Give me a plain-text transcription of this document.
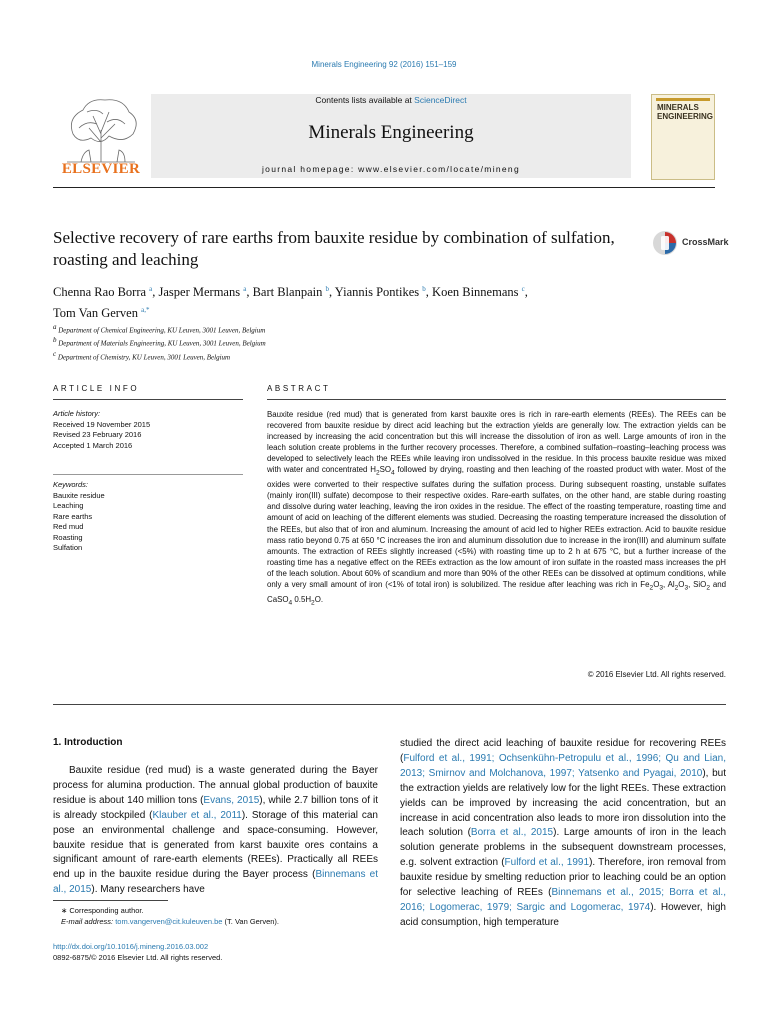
Minerals Engineering 92 (2016) 151–159
ELSEVIER
Contents lists available at ScienceDirect
Minerals Engineering
journal homepage: www.elsevier.com/locate/mineng
MINERALS ENGINEERING
Selective recovery of rare earths from bauxite residue by combination of sulfation, roasting and leaching
CrossMark
Chenna Rao Borra $^a$, Jasper Mermans $^a$, Bart Blanpain $^b$, Yiannis Pontikes $^b$, Koen Binnemans $^c$,
Tom Van Gerven $^{a,*}$
$^a$ Department of Chemical Engineering, KU Leuven, 3001 Leuven, Belgium
$^b$ Department of Materials Engineering, KU Leuven, 3001 Leuven, Belgium
$^c$ Department of Chemistry, KU Leuven, 3001 Leuven, Belgium
ARTICLE INFO	ABSTRACT
Article history:
Received 19 November 2015
Revised 23 February 2016
Accepted 1 March 2016
Keywords:
Bauxite residue
Leaching
Rare earths
Red mud
Roasting
Sulfation
Bauxite residue (red mud) that is generated from karst bauxite ores is rich in rare-earth elements (REEs). The REEs can be recovered from bauxite residue by direct acid leaching but the extraction yields are generally low. The extraction yields can be increased by increasing the acid concentration but this will increase the dissolution of iron as well. Large amounts of iron in the leach solution create problems in the further recovery processes. Therefore, a combined sulfation–roasting–leaching process was developed to selectively leach the REEs while leaving iron undissolved in the residue. In this process bauxite residue was mixed with water and concentrated $H_2SO_4$ followed by drying, roasting and then leaching of the roasted product with water. Most of the oxides were converted to their respective sulfates during the sulfation process. During subsequent roasting, unstable sulfates (mainly iron(III) sulfate) decompose to their respective oxides. Rare-earth sulfates, on the other hand, are stable during roasting and dissolve during water leaching, leaving the iron oxides in the residue. The effect of the roasting temperature, roasting time and amount of acid on leaching of the different elements was studied. Decreasing the roasting temperature increased the dissolution of the REEs, but also that of iron and aluminum. Increasing the amount of acid led to higher REEs extraction. Acid to bauxite residue mass ratio beyond 0.75 at 650 °C increases the iron and aluminum dissolution due to increase in the iron(III) and aluminum sulfate amounts. The extraction of REEs slightly increased (<5%) with roasting time up to 2 h at 675 °C, but a further increase of the roasting time has a negative effect on the REEs extraction as the low amount of iron sulfate in the roasted mass increases the pH of the leach solution. About 60% of scandium and more than 90% of the other REEs can be dissolved at optimum conditions, while only a very small amount of iron (<1% of total iron) is solubilized. The residue after leaching was rich in $Fe_2O_3$, $Al_2O_3$, SiO$_2$ and CaSO$_4$ $0.5H_2O$.
© 2016 Elsevier Ltd. All rights reserved.
1. Introduction

Bauxite residue (red mud) is a waste generated during the Bayer process for alumina production. The annual global production of bauxite residue is about 140 million tons (Evans, 2015), while 2.7 billion tons of it is already stockpiled (Klauber et al., 2011). Storage of this material can pose an environmental challenge and space-consuming. However, bauxite residue that is generated from karst bauxite ores contains a significant amount of rare-earth elements (REEs). Practically all REEs end up in the bauxite residue during the Bayer process (Binnemans et al., 2015). Many researchers have

studied the direct acid leaching of bauxite residue for recovering REEs (Fulford et al., 1991; Ochsenkühn-Petropulu et al., 1996; Qu and Lian, 2013; Smirnov and Molchanova, 1997; Yatsenko and Pyagai, 2010), but the extraction yields are relatively low for the light REEs. These extraction yields can be improved by increasing the acid concentration, but an increase in acid concentration also leads to more iron dissolution into the leach solution (Borra et al., 2015). Large amounts of iron in the leach solution generate problems in the subsequent downstream processes, e.g. solvent extraction (Fulford et al., 1991). Therefore, iron removal from bauxite residue by smelting reduction prior to leaching could be an option for selective leaching of REEs (Binnemans et al., 2015; Borra et al., 2016; Logomerac, 1979; Sargic and Logomerac, 1974). However, high acid consumption, high temperature

∗ Corresponding author.
E-mail address: tom.vangerven@cit.kuleuven.be (T. Van Gerven).
http://dx.doi.org/10.1016/j.mineng.2016.03.002
0892-6875/© 2016 Elsevier Ltd. All rights reserved.
